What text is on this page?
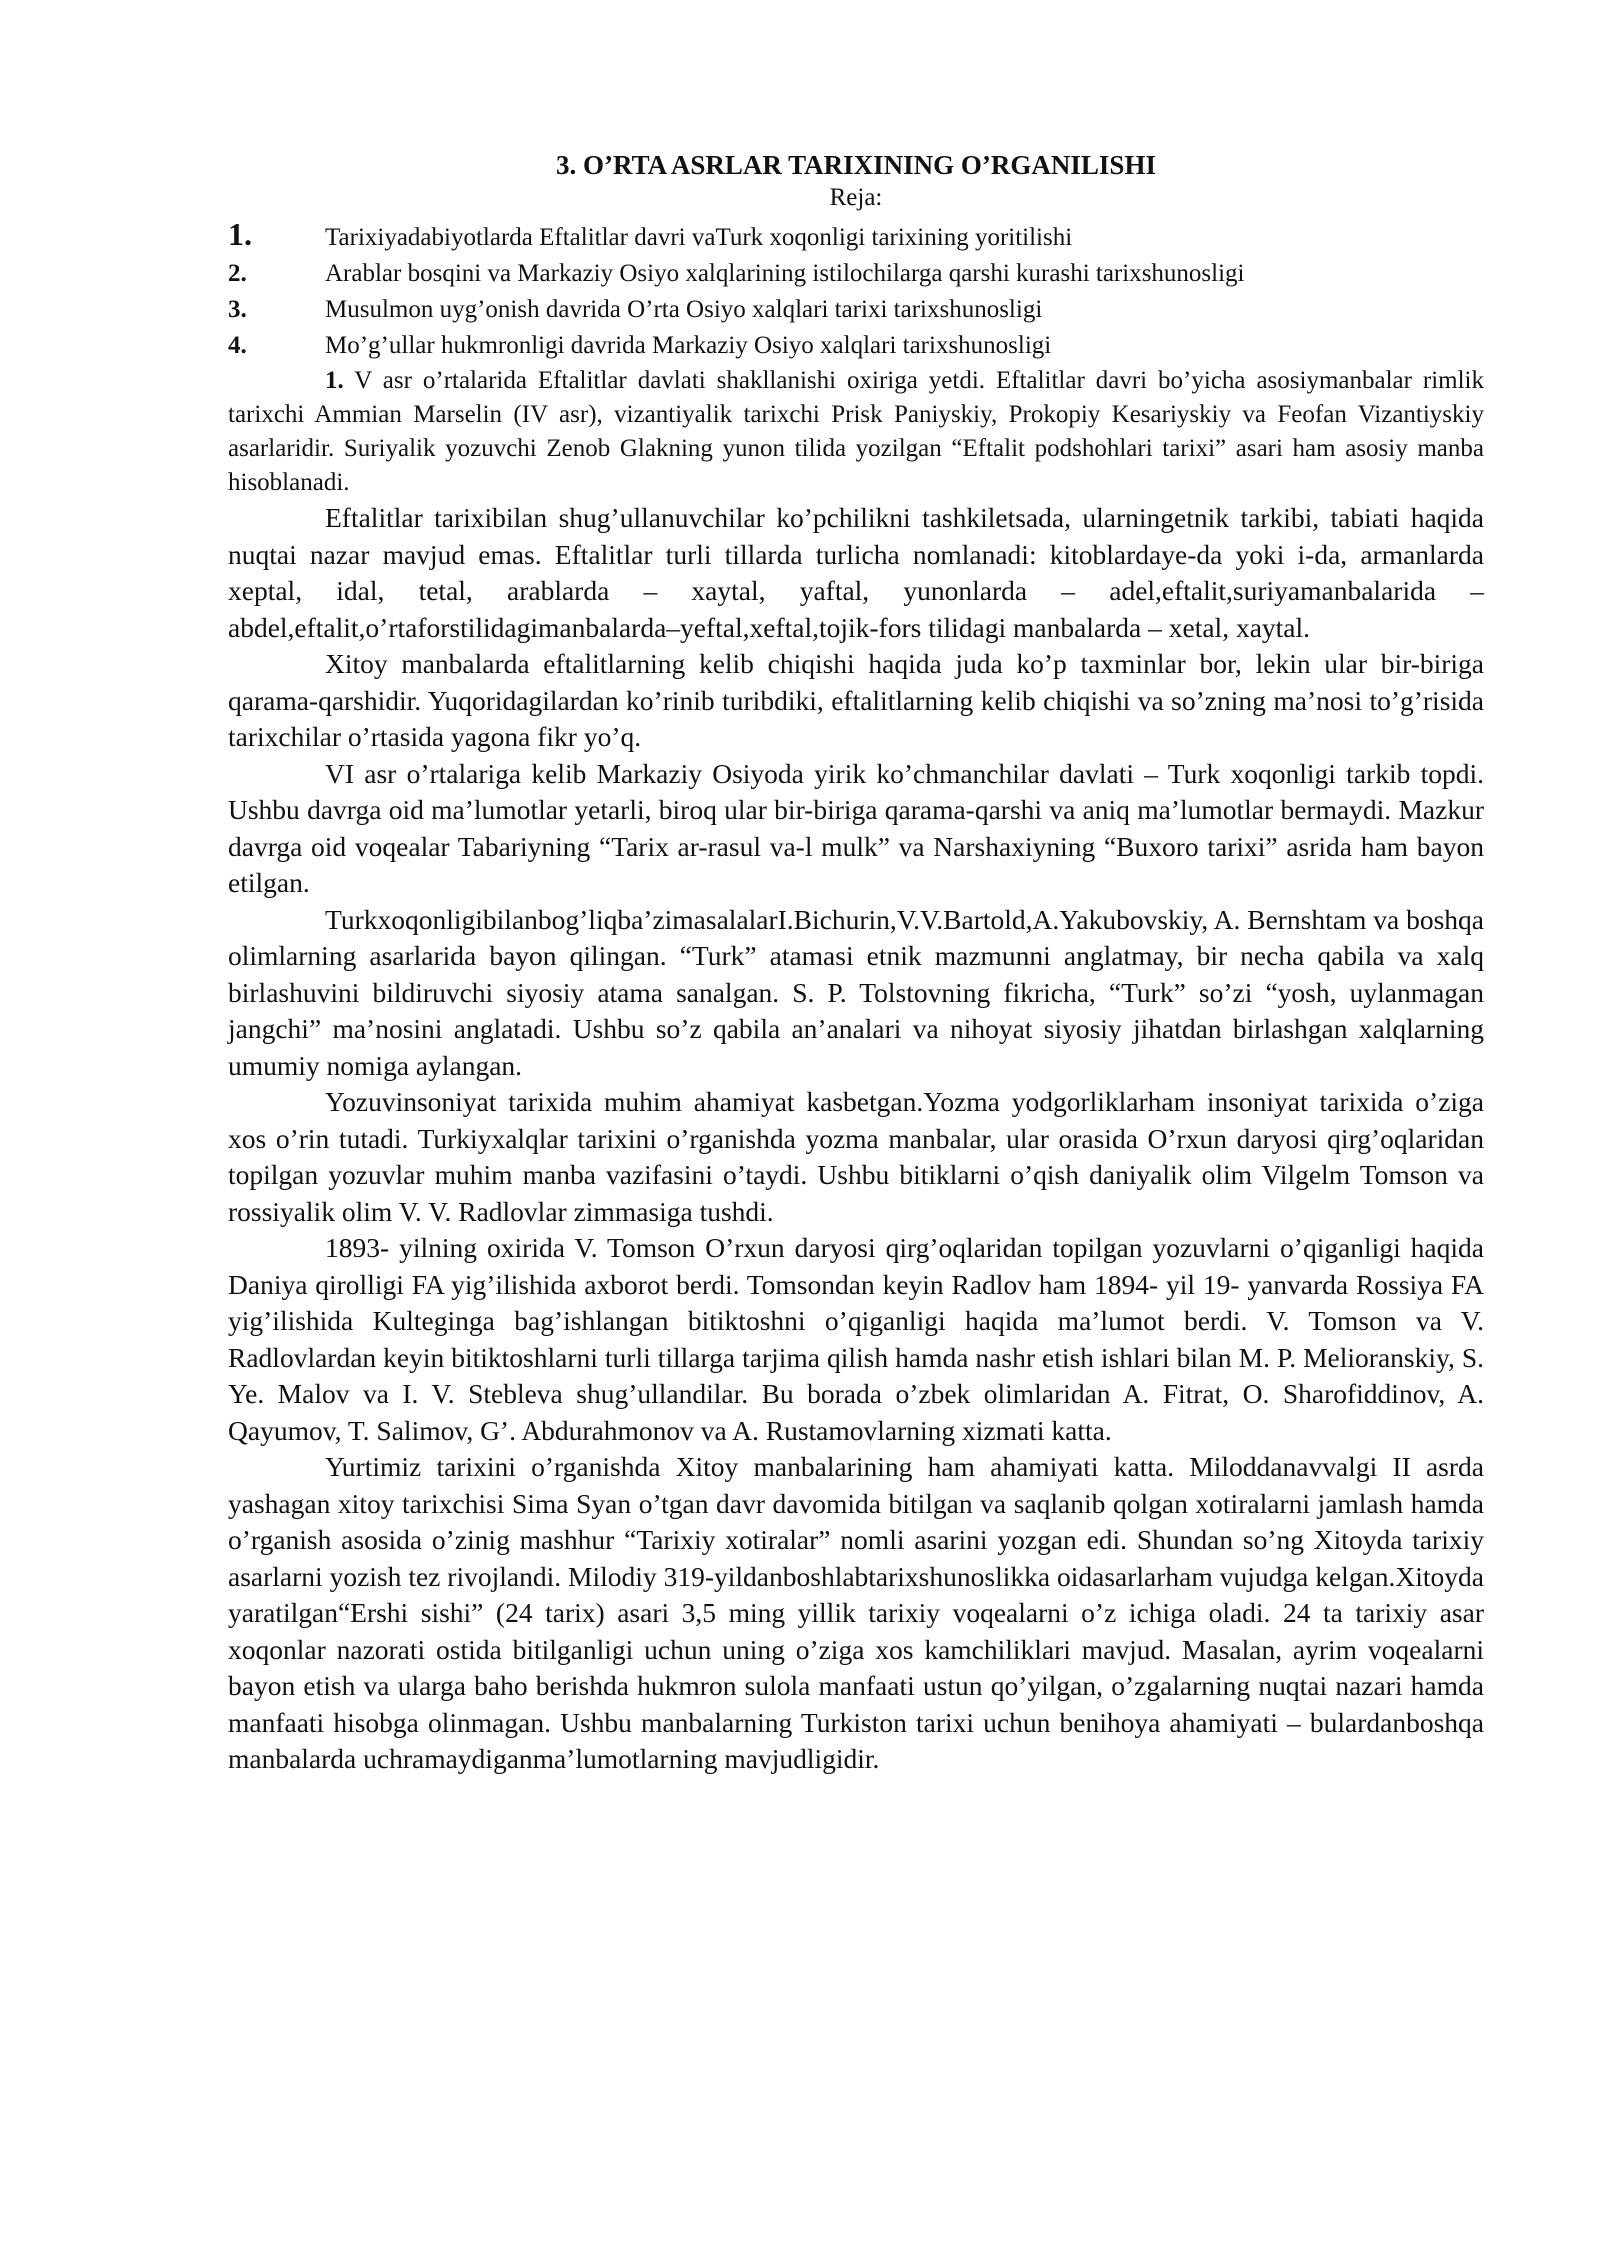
3. O’RTA ASRLAR TARIXINING O’RGANILISHI
Reja:
1.	Tarixiyadabiyotlarda Eftalitlar davri vaTurk xoqonligi tarixining yoritilishi
2.	Arablar bosqini va Markaziy Osiyo xalqlarining istilochilarga qarshi kurashi tarixshunosligi
3.	Musulmon uyg’onish davrida O’rta Osiyo xalqlari tarixi tarixshunosligi
4.	Mo’g’ullar hukmronligi davrida Markaziy Osiyo xalqlari tarixshunosligi

1. V asr o’rtalarida Eftalitlar davlati shakllanishi oxiriga yetdi. Eftalitlar davri bo’yicha asosiymanbalar rimlik tarixchi Ammian Marselin (IV asr), vizantiyalik tarixchi Prisk Paniyskiy, Prokopiy Kesariyskiy va Feofan Vizantiyskiy asarlaridir. Suriyalik yozuvchi Zenob Glakning yunon tilida yozilgan “Eftalit podshohlari tarixi” asari ham asosiy manba hisoblanadi.

Eftalitlar tarixibilan shug’ullanuvchilar ko’pchilikni tashkiletsada, ularningetnik tarkibi, tabiati haqida nuqtai nazar mavjud emas. Eftalitlar turli tillarda turlicha nomlanadi: kitoblardaye-da yoki i-da, armanlarda xeptal, idal, tetal, arablarda – xaytal, yaftal, yunonlarda – adel,eftalit,suriyamanbalarida –abdel,eftalit,o’rtaforstilidagimanbalarda–yeftal,xeftal,tojik-fors tilidagi manbalarda – xetal, xaytal.

Xitoy manbalarda eftalitlarning kelib chiqishi haqida juda ko’p taxminlar bor, lekin ular bir-biriga qarama-qarshidir. Yuqoridagilardan ko’rinib turibdiki, eftalitlarning kelib chiqishi va so’zning ma’nosi to’g’risida tarixchilar o’rtasida yagona fikr yo’q.

VI asr o’rtalariga kelib Markaziy Osiyoda yirik ko’chmanchilar davlati – Turk xoqonligi tarkib topdi. Ushbu davrga oid ma’lumotlar yetarli, biroq ular bir-biriga qarama-qarshi va aniq ma’lumotlar bermaydi. Mazkur davrga oid voqealar Tabariyning “Tarix ar-rasul va-l mulk” va Narshaxiyning “Buxoro tarixi” asrida ham bayon etilgan.

Turkxoqonligibilanbog’liqba’zimasalalarI.Bichurin,V.V.Bartold,A.Yakubovskiy, A. Bernshtam va boshqa olimlarning asarlarida bayon qilingan. “Turk” atamasi etnik mazmunni anglatmay, bir necha qabila va xalq birlashuvini bildiruvchi siyosiy atama sanalgan. S. P. Tolstovning fikricha, “Turk” so’zi “yosh, uylanmagan jangchi” ma’nosini anglatadi. Ushbu so’z qabila an’analari va nihoyat siyosiy jihatdan birlashgan xalqlarning umumiy nomiga aylangan.

Yozuvinsoniyat tarixida muhim ahamiyat kasbetgan.Yozma yodgorliklarham insoniyat tarixida o’ziga xos o’rin tutadi. Turkiyxalqlar tarixini o’rganishda yozma manbalar, ular orasida O’rxun daryosi qirg’oqlaridan topilgan yozuvlar muhim manba vazifasini o’taydi. Ushbu bitiklarni o’qish daniyalik olim Vilgelm Tomson va rossiyalik olim V. V. Radlovlar zimmasiga tushdi.

1893- yilning oxirida V. Tomson O’rxun daryosi qirg’oqlaridan topilgan yozuvlarni o’qiganligi haqida Daniya qirolligi FA yig’ilishida axborot berdi. Tomsondan keyin Radlov ham 1894- yil 19- yanvarda Rossiya FA yig’ilishida Kulteginga bag’ishlangan bitiktoshni o’qiganligi haqida ma’lumot berdi. V. Tomson va V. Radlovlardan keyin bitiktoshlarni turli tillarga tarjima qilish hamda nashr etish ishlari bilan M. P. Melioranskiy, S. Ye. Malov va I. V. Stebleva shug’ullandilar. Bu borada o’zbek olimlaridan A. Fitrat, O. Sharofiddinov, A. Qayumov, T. Salimov, G’. Abdurahmonov va A. Rustamovlarning xizmati katta.

Yurtimiz tarixini o’rganishda Xitoy manbalarining ham ahamiyati katta. Miloddanavvalgi II asrda yashagan xitoy tarixchisi Sima Syan o’tgan davr davomida bitilgan va saqlanib qolgan xotiralarni jamlash hamda o’rganish asosida o’zinig mashhur “Tarixiy xotiralar” nomli asarini yozgan edi. Shundan so’ng Xitoyda tarixiy asarlarni yozish tez rivojlandi. Milodiy 319-yildanboshlabtarixshunoslikka oidasarlarham vujudga kelgan.Xitoyda yaratilgan“Ershi sishi” (24 tarix) asari 3,5 ming yillik tarixiy voqealarni o’z ichiga oladi. 24 ta tarixiy asar xoqonlar nazorati ostida bitilganligi uchun uning o’ziga xos kamchiliklari mavjud. Masalan, ayrim voqealarni bayon etish va ularga baho berishda hukmron sulola manfaati ustun qo’yilgan, o’zgalarning nuqtai nazari hamda manfaati hisobga olinmagan. Ushbu manbalarning Turkiston tarixi uchun benihoya ahamiyati – bulardanboshqa manbalarda uchramaydiganma’lumotlarning mavjudligidir.
